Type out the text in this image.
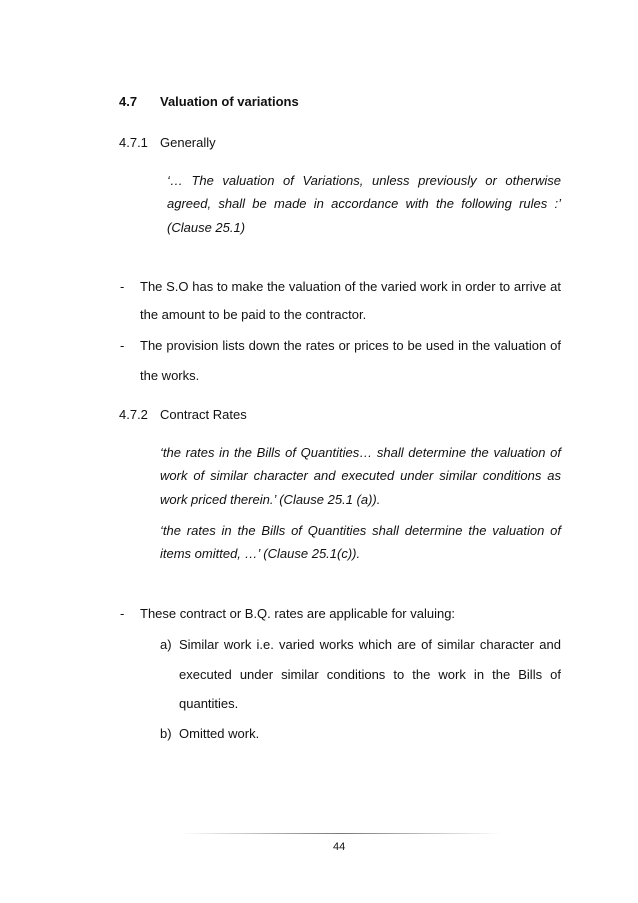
4.7 Valuation of variations
4.7.1 Generally
‘… The valuation of Variations, unless previously or otherwise
agreed, shall be made in accordance with the following rules :’
(Clause 25.1)
- The S.O has to make the valuation of the varied work in order to arrive at
the amount to be paid to the contractor.
- The provision lists down the rates or prices to be used in the valuation of
the works.
4.7.2 Contract Rates
‘the rates in the Bills of Quantities… shall determine the valuation of
work of similar character and executed under similar conditions as
work priced therein.’ (Clause 25.1 (a)).
‘the rates in the Bills of Quantities shall determine the valuation of
items omitted, …’ (Clause 25.1(c)).
- These contract or B.Q. rates are applicable for valuing:
a) Similar work i.e. varied works which are of similar character and
executed under similar conditions to the work in the Bills of
quantities.
b) Omitted work.
44
